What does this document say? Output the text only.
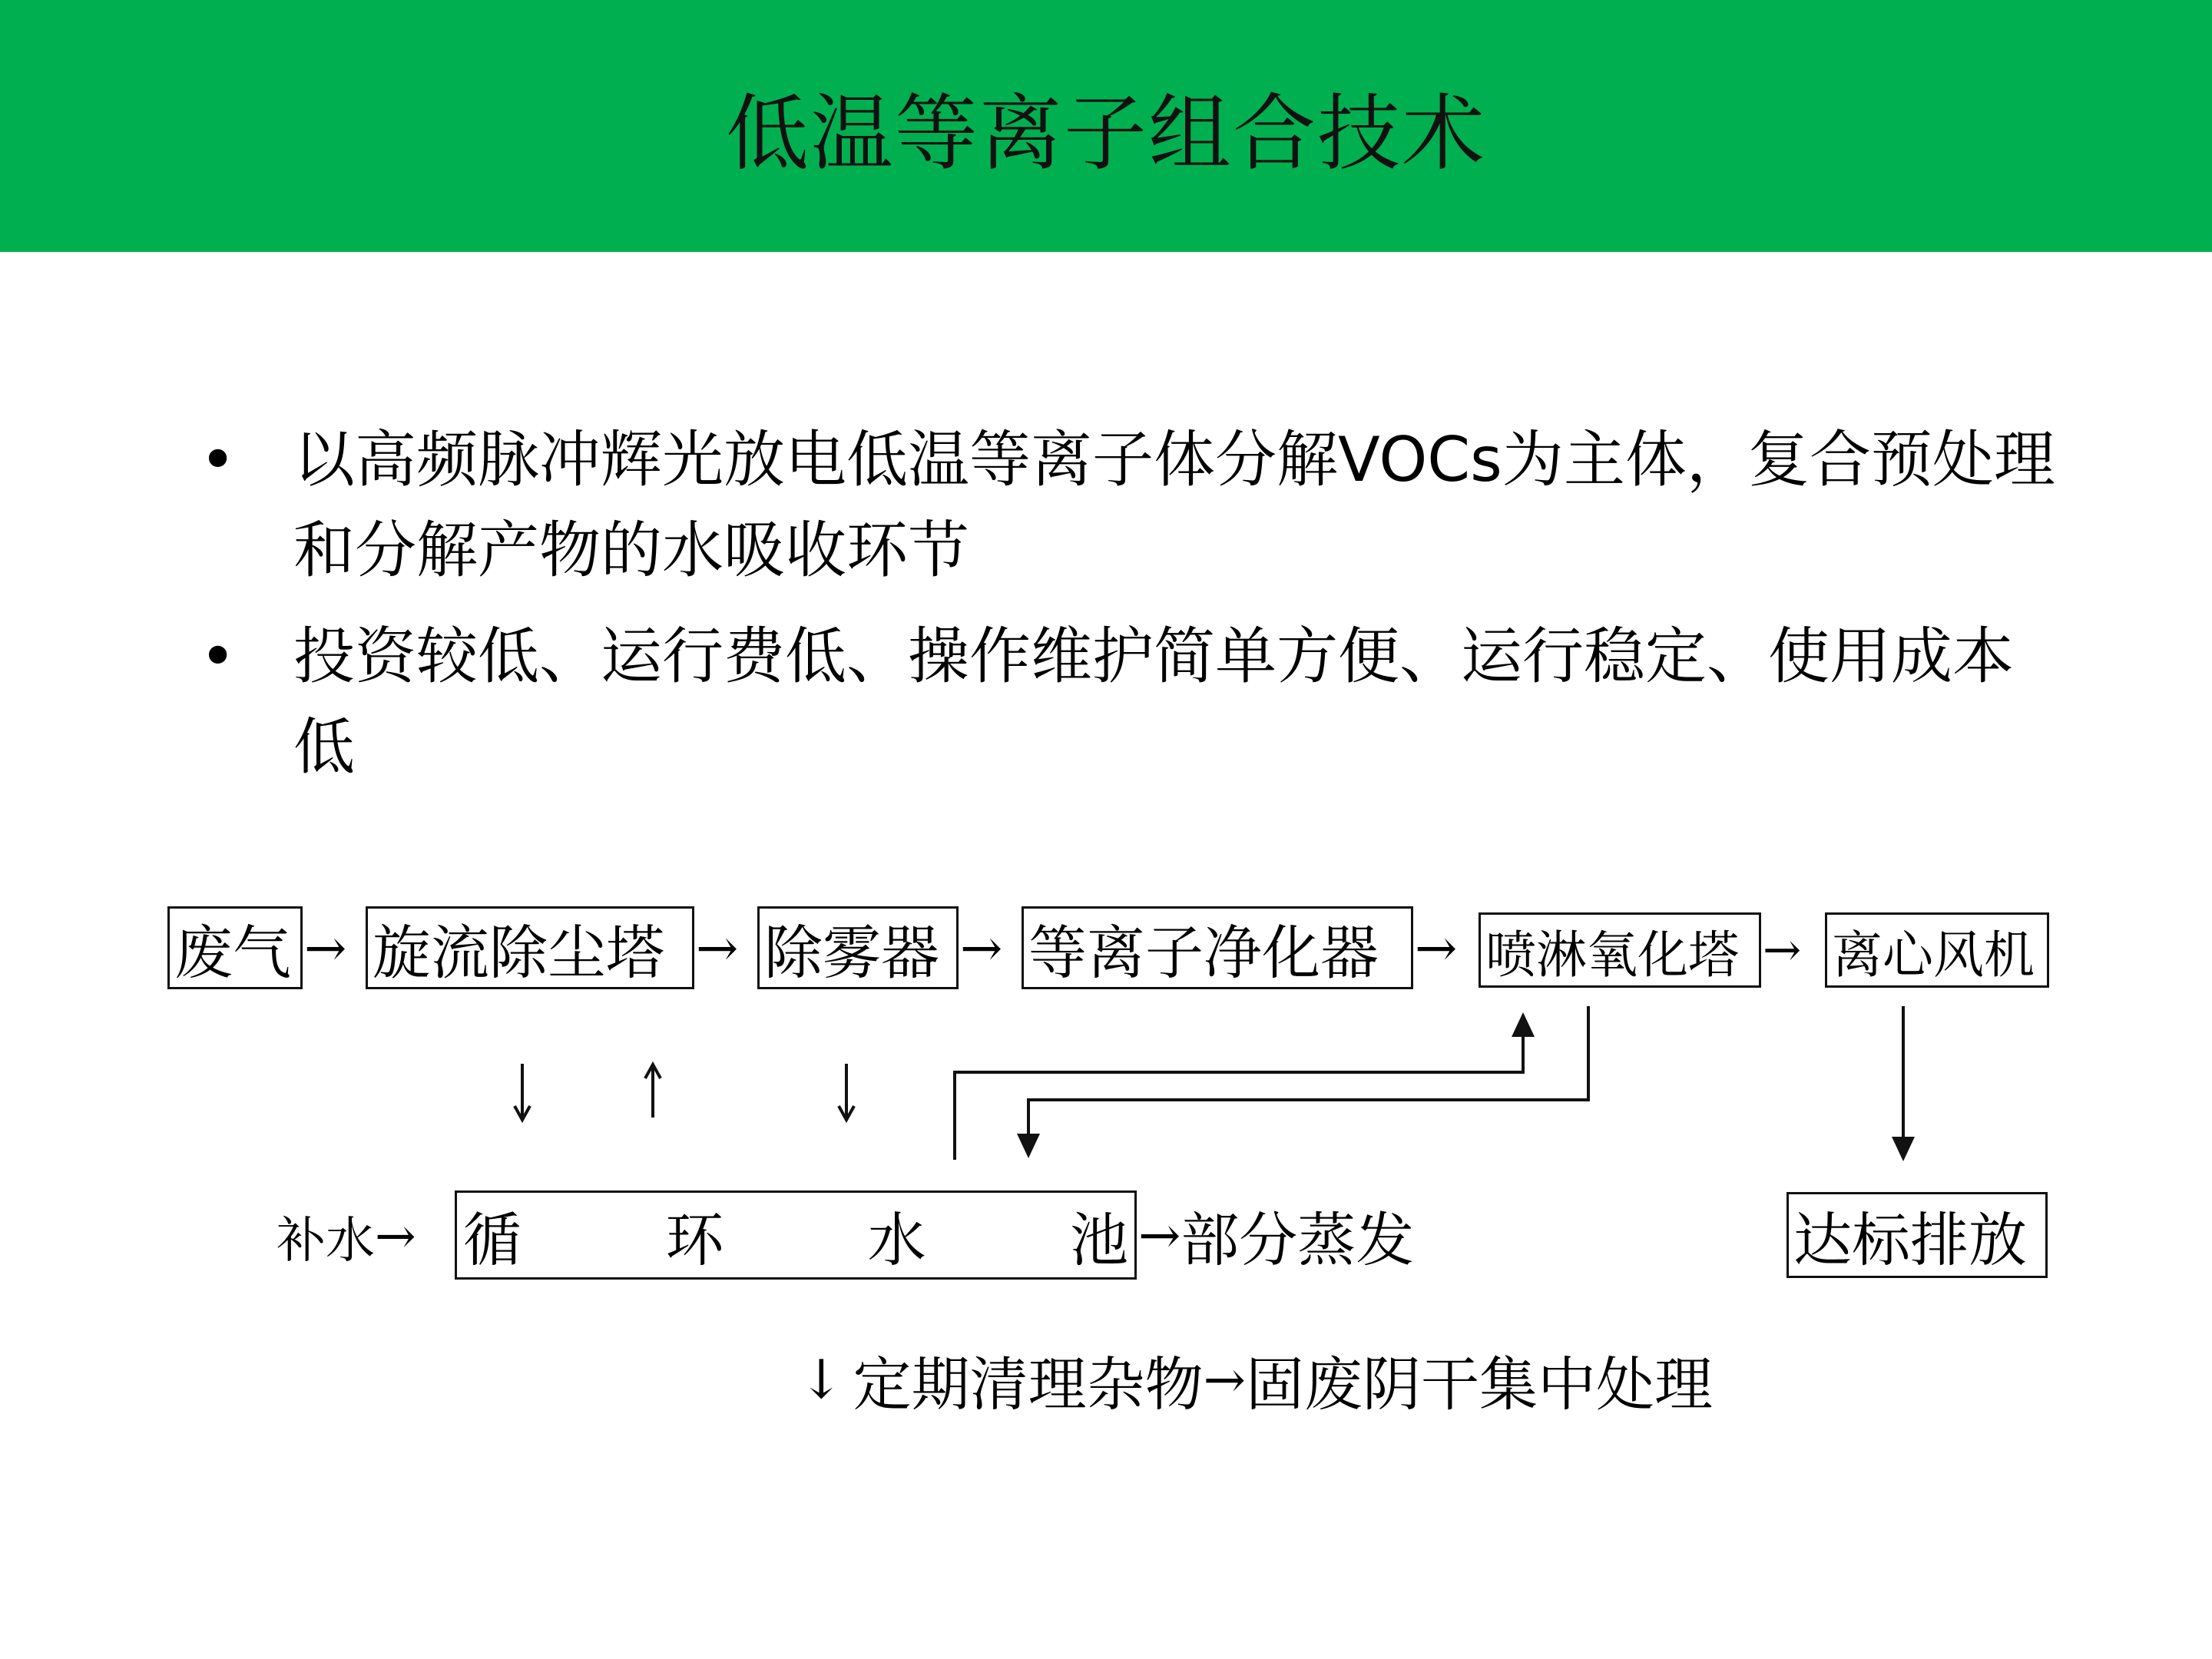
低温等离子组合技术
• 以高频脉冲辉光放电低温等离子体分解VOCs为主体，复合预处理和分解产物的水吸收环节
• 投资较低、运行费低、操作维护简单方便、运行稳定、使用成本低
废气 → 旋流除尘塔 → 除雾器 → 等离子净化器 → 喷淋氧化塔 → 离心风机
补水 → 循 环 水 池 → 部分蒸发	达标排放
↓ 定期清理杂物 → 固废阴干集中处理
